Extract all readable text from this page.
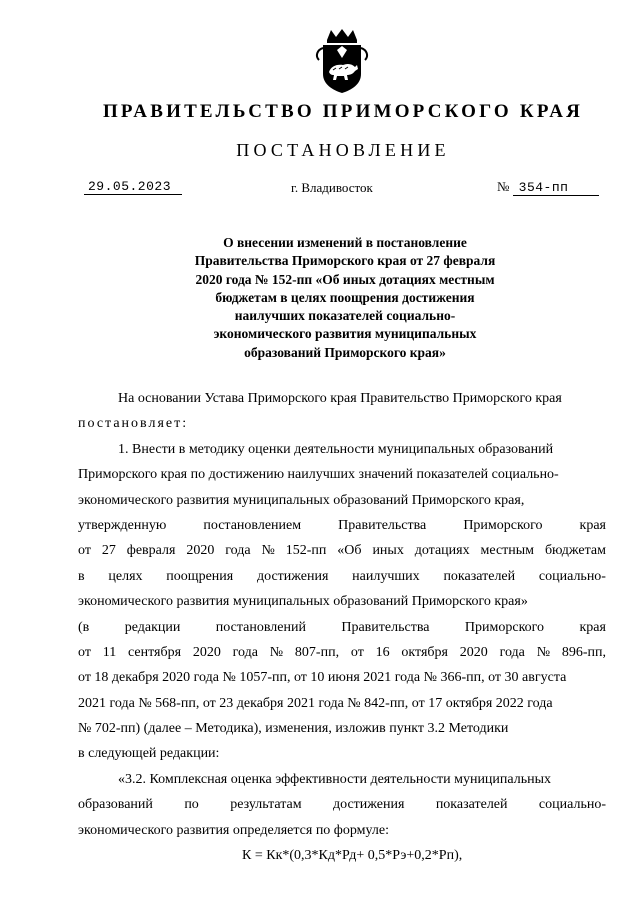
ПРАВИТЕЛЬСТВО ПРИМОРСКОГО КРАЯ
ПОСТАНОВЛЕНИЕ
29.05.2023	г. Владивосток	№ 354-пп
О внесении изменений в постановление
Правительства Приморского края от 27 февраля
2020 года № 152-пп «Об иных дотациях местным
бюджетам в целях поощрения достижения
наилучших показателей социально-
экономического развития муниципальных
образований Приморского края»
На основании Устава Приморского края Правительство Приморского края
постановляет:
1. Внести в методику оценки деятельности муниципальных образований
Приморского края по достижению наилучших значений показателей социально-
экономического развития муниципальных образований Приморского края,
утвержденную	постановлением	Правительства	Приморского	края
от 27 февраля 2020 года № 152-пп «Об иных дотациях местным бюджетам
в целях поощрения достижения наилучших показателей социально-
экономического развития муниципальных образований Приморского края»
(в	редакции	постановлений	Правительства	Приморского	края
от 11 сентября 2020 года № 807-пп, от 16 октября 2020 года № 896-пп,
от 18 декабря 2020 года № 1057-пп, от 10 июня 2021 года № 366-пп, от 30 августа
2021 года № 568-пп, от 23 декабря 2021 года № 842-пп, от 17 октября 2022 года
№ 702-пп) (далее – Методика), изменения, изложив пункт 3.2 Методики
в следующей редакции:
«3.2. Комплексная оценка эффективности деятельности муниципальных
образований по результатам достижения показателей социально-
экономического развития определяется по формуле:
К = Кк*(0,3*Кд*Рд+ 0,5*Рэ+0,2*Рп),
